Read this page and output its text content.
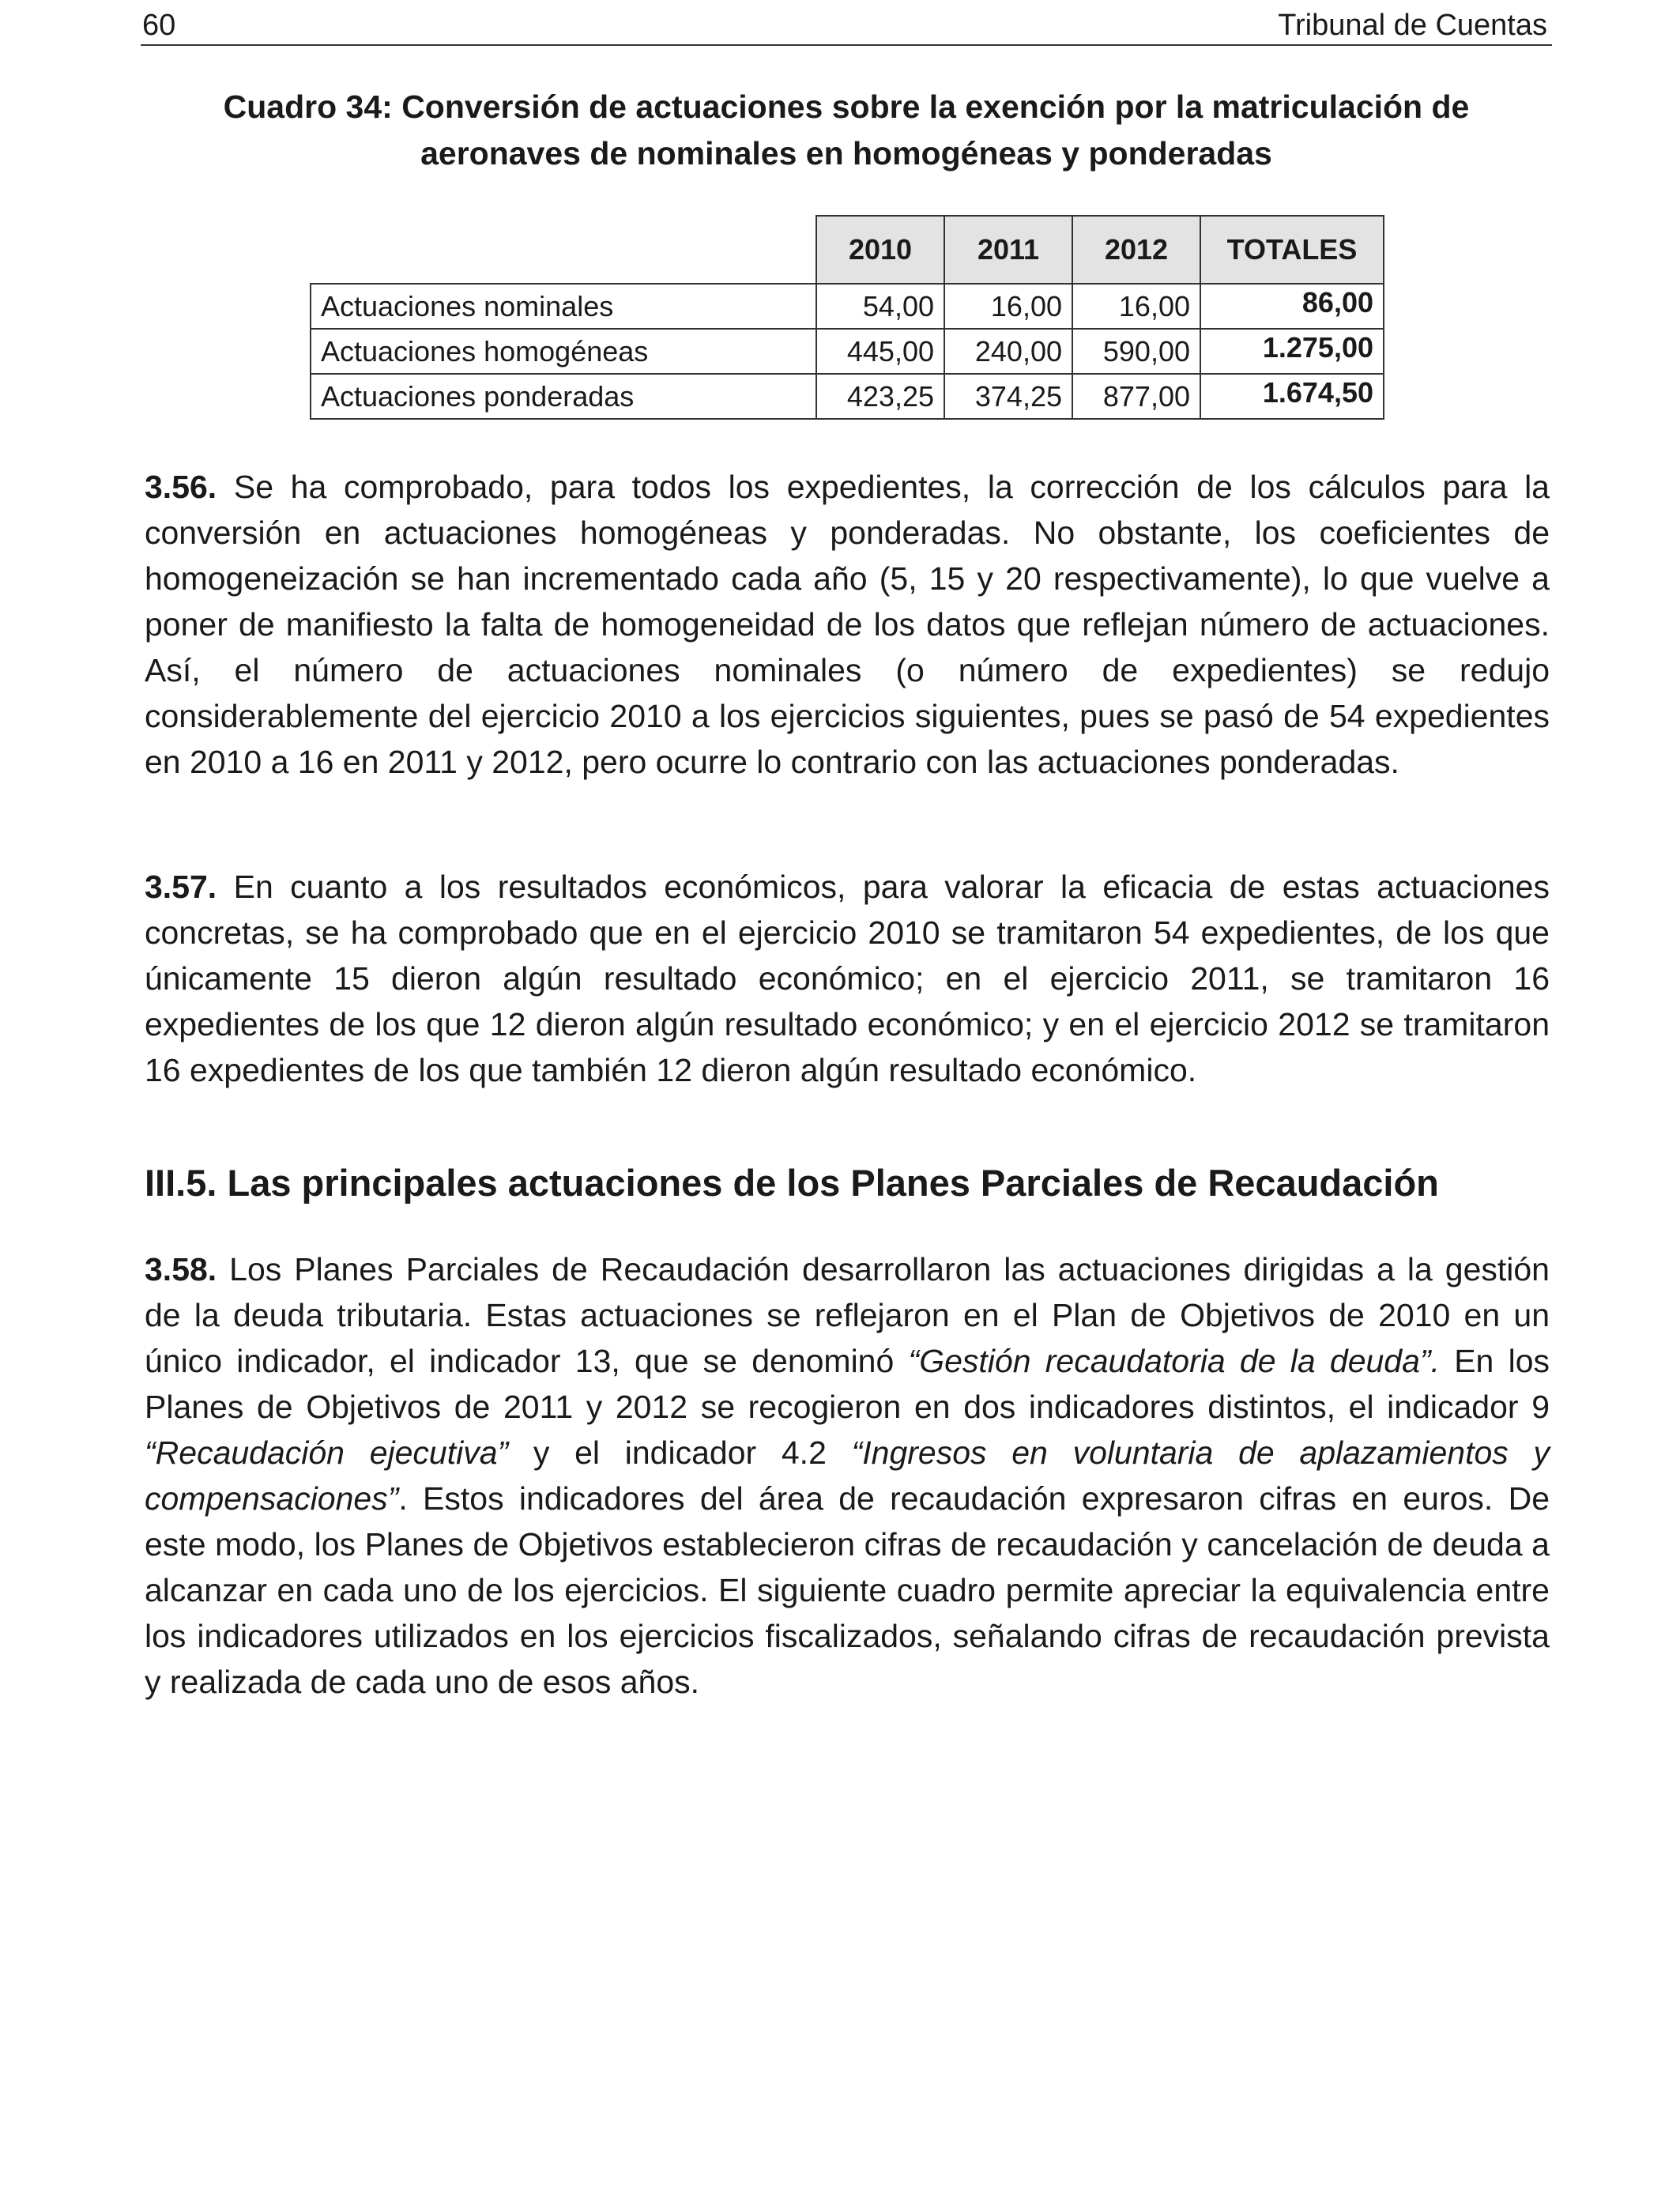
60	Tribunal de Cuentas
Cuadro 34: Conversión de actuaciones sobre la exención por la matriculación de
aeronaves de nominales en homogéneas y ponderadas
	2010	2011	2012	TOTALES
Actuaciones nominales	54,00	16,00	16,00	86,00
Actuaciones homogéneas	445,00	240,00	590,00	1.275,00
Actuaciones ponderadas	423,25	374,25	877,00	1.674,50

3.56. Se ha comprobado, para todos los expedientes, la corrección de los cálculos para la conversión en actuaciones homogéneas y ponderadas. No obstante, los coeficientes de homogeneización se han incrementado cada año (5, 15 y 20 respectivamente), lo que vuelve a poner de manifiesto la falta de homogeneidad de los datos que reflejan número de actuaciones. Así, el número de actuaciones nominales (o número de expedientes) se redujo considerablemente del ejercicio 2010 a los ejercicios siguientes, pues se pasó de 54 expedientes en 2010 a 16 en 2011 y 2012, pero ocurre lo contrario con las actuaciones ponderadas.

3.57. En cuanto a los resultados económicos, para valorar la eficacia de estas actuaciones concretas, se ha comprobado que en el ejercicio 2010 se tramitaron 54 expedientes, de los que únicamente 15 dieron algún resultado económico; en el ejercicio 2011, se tramitaron 16 expedientes de los que 12 dieron algún resultado económico; y en el ejercicio 2012 se tramitaron 16 expedientes de los que también 12 dieron algún resultado económico.

III.5. Las principales actuaciones de los Planes Parciales de Recaudación

3.58. Los Planes Parciales de Recaudación desarrollaron las actuaciones dirigidas a la gestión de la deuda tributaria. Estas actuaciones se reflejaron en el Plan de Objetivos de 2010 en un único indicador, el indicador 13, que se denominó “Gestión recaudatoria de la deuda”. En los Planes de Objetivos de 2011 y 2012 se recogieron en dos indicadores distintos, el indicador 9 “Recaudación ejecutiva” y el indicador 4.2 “Ingresos en voluntaria de aplazamientos y compensaciones”. Estos indicadores del área de recaudación expresaron cifras en euros. De este modo, los Planes de Objetivos establecieron cifras de recaudación y cancelación de deuda a alcanzar en cada uno de los ejercicios. El siguiente cuadro permite apreciar la equivalencia entre los indicadores utilizados en los ejercicios fiscalizados, señalando cifras de recaudación prevista y realizada de cada uno de esos años.
